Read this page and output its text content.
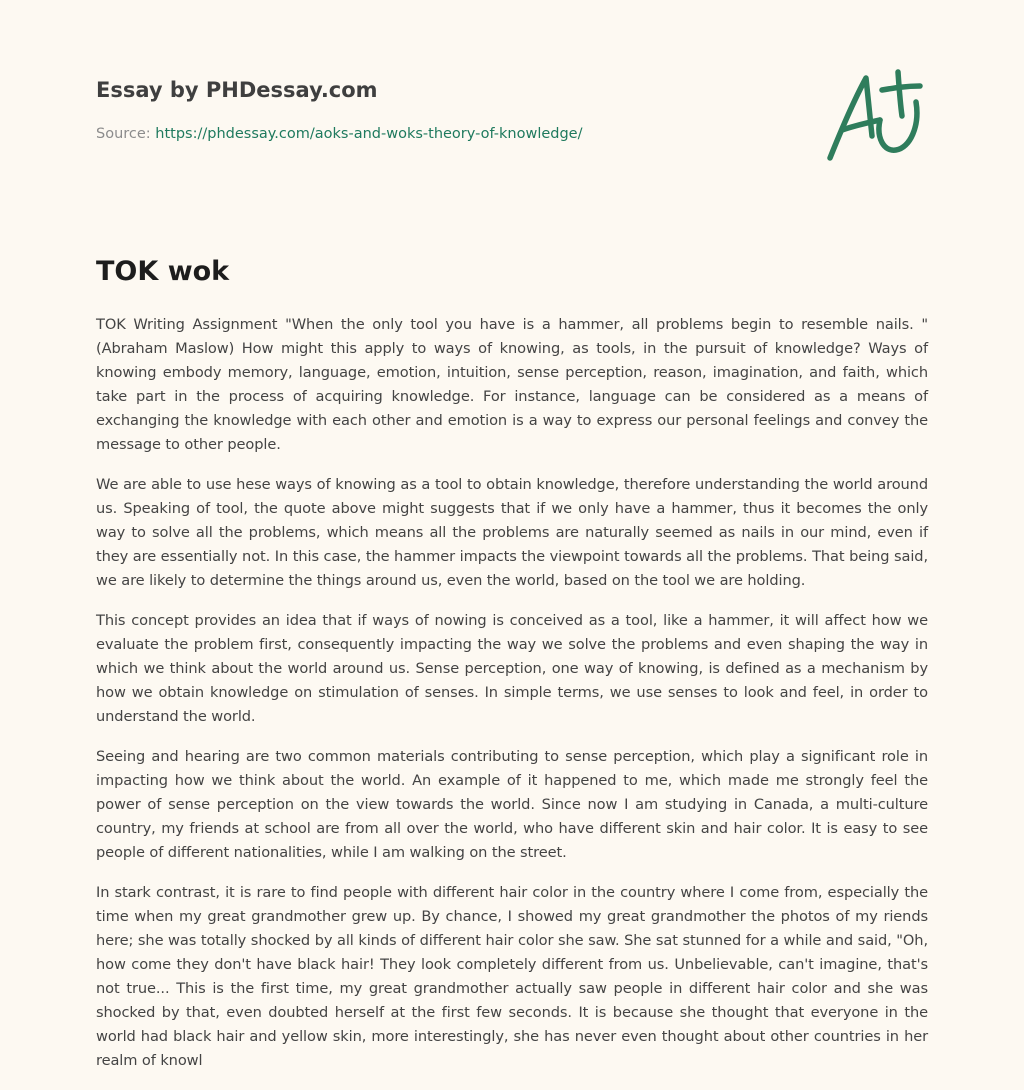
Essay by PHDessay.com
Source: https://phdessay.com/aoks-and-woks-theory-of-knowledge/
TOK wok

TOK Writing Assignment "When the only tool you have is a hammer, all problems begin to resemble nails. " (Abraham Maslow) How might this apply to ways of knowing, as tools, in the pursuit of knowledge? Ways of knowing embody memory, language, emotion, intuition, sense perception, reason, imagination, and faith, which take part in the process of acquiring knowledge. For instance, language can be considered as a means of exchanging the knowledge with each other and emotion is a way to express our personal feelings and convey the message to other people.

We are able to use hese ways of knowing as a tool to obtain knowledge, therefore understanding the world around us. Speaking of tool, the quote above might suggests that if we only have a hammer, thus it becomes the only way to solve all the problems, which means all the problems are naturally seemed as nails in our mind, even if they are essentially not. In this case, the hammer impacts the viewpoint towards all the problems. That being said, we are likely to determine the things around us, even the world, based on the tool we are holding.

This concept provides an idea that if ways of nowing is conceived as a tool, like a hammer, it will affect how we evaluate the problem first, consequently impacting the way we solve the problems and even shaping the way in which we think about the world around us. Sense perception, one way of knowing, is defined as a mechanism by how we obtain knowledge on stimulation of senses. In simple terms, we use senses to look and feel, in order to understand the world.

Seeing and hearing are two common materials contributing to sense perception, which play a significant role in impacting how we think about the world. An example of it happened to me, which made me strongly feel the power of sense perception on the view towards the world. Since now I am studying in Canada, a multi-culture country, my friends at school are from all over the world, who have different skin and hair color. It is easy to see people of different nationalities, while I am walking on the street.

In stark contrast, it is rare to find people with different hair color in the country where I come from, especially the time when my great grandmother grew up. By chance, I showed my great grandmother the photos of my riends here; she was totally shocked by all kinds of different hair color she saw. She sat stunned for a while and said, "Oh, how come they don't have black hair! They look completely different from us. Unbelievable, can't imagine, that's not true... This is the first time, my great grandmother actually saw people in different hair color and she was shocked by that, even doubted herself at the first few seconds. It is because she thought that everyone in the world had black hair and yellow skin, more interestingly, she has never even thought about other countries in her realm of knowl
